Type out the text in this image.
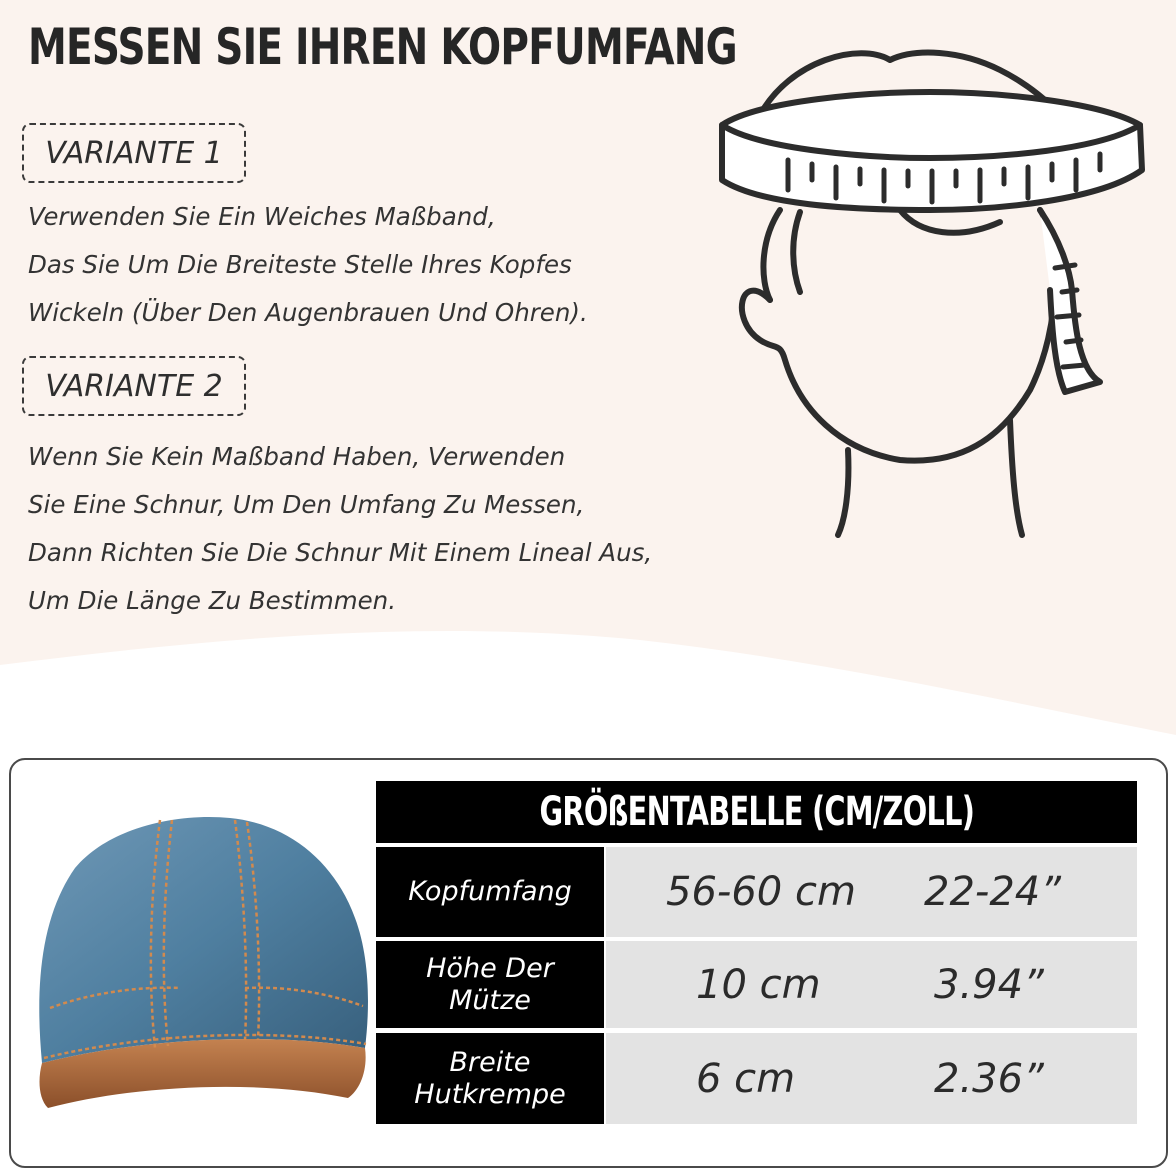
MESSEN SIE IHREN KOPFUMFANG
VARIANTE 1
Verwenden Sie Ein Weiches Maßband,
Das Sie Um Die Breiteste Stelle Ihres Kopfes
Wickeln (Über Den Augenbrauen Und Ohren).
VARIANTE 2
Wenn Sie Kein Maßband Haben, Verwenden
Sie Eine Schnur, Um Den Umfang Zu Messen,
Dann Richten Sie Die Schnur Mit Einem Lineal Aus,
Um Die Länge Zu Bestimmen.
GRÖßENTABELLE (CM/ZOLL)
Kopfumfang 56-60 cm 22-24”
Höhe Der
Mütze	10 cm	3.94”
Breite
Hutkrempe	6 cm	2.36”
